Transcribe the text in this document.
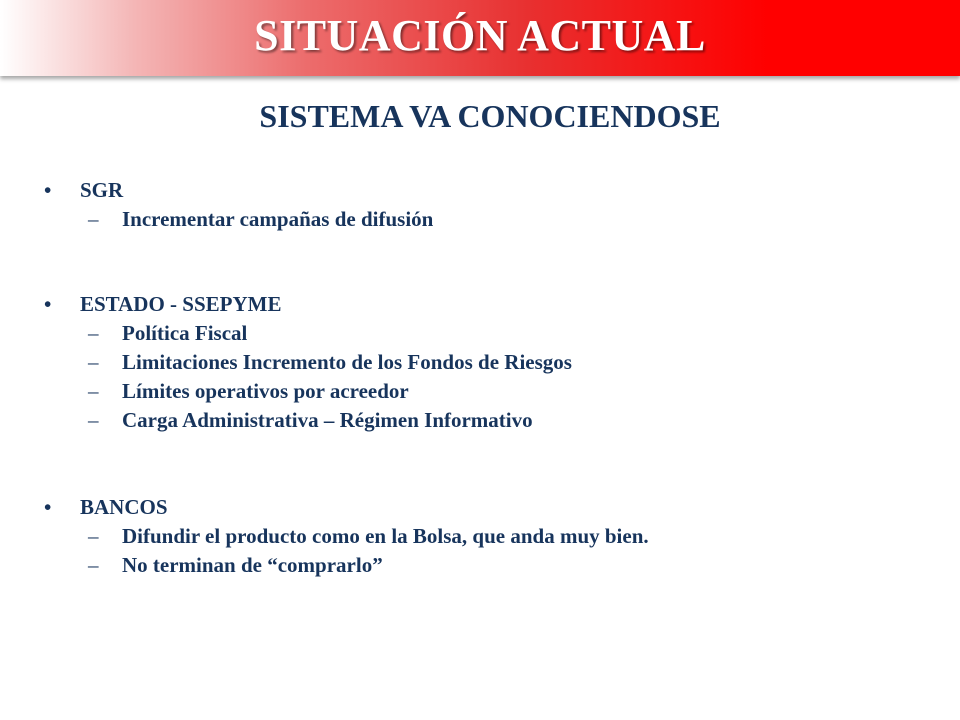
SITUACIÓN ACTUAL
SISTEMA VA CONOCIENDOSE
•	SGR
–	Incrementar campañas de difusión
•	ESTADO - SSEPYME
–	Política Fiscal
–	Limitaciones Incremento de los Fondos de Riesgos
–	Límites operativos por acreedor
–	Carga Administrativa – Régimen Informativo
•	BANCOS
–	Difundir el producto como en la Bolsa, que anda muy bien.
–	No terminan de “comprarlo”
